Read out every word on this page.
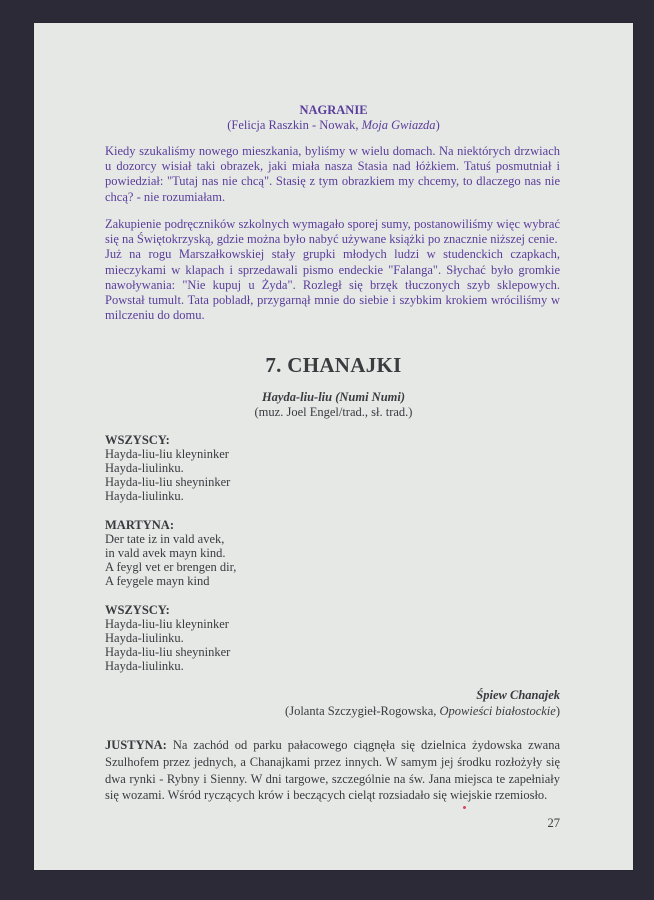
NAGRANIE
(Felicja Raszkin - Nowak, Moja Gwiazda)

Kiedy szukaliśmy nowego mieszkania, byliśmy w wielu domach. Na niektórych drzwiach u dozorcy wisiał taki obrazek, jaki miała nasza Stasia nad łóżkiem. Tatuś posmutniał i powiedział: "Tutaj nas nie chcą". Stasię z tym obrazkiem my chcemy, to dlaczego nas nie chcą? - nie rozumiałam.

Zakupienie podręczników szkolnych wymagało sporej sumy, postanowiliśmy więc wybrać się na Świętokrzyską, gdzie można było nabyć używane książki po znacznie niższej cenie.

Już na rogu Marszałkowskiej stały grupki młodych ludzi w studenckich czapkach, mieczykami w klapach i sprzedawali pismo endeckie "Falanga". Słychać było gromkie nawoływania: "Nie kupuj u Żyda". Rozległ się brzęk tłuczonych szyb sklepowych. Powstał tumult. Tata pobladł, przygarnął mnie do siebie i szybkim krokiem wróciliśmy w milczeniu do domu.

7. CHANAJKI
Hayda-liu-liu (Numi Numi)
(muz. Joel Engel/trad., sł. trad.)
WSZYSCY:
Hayda-liu-liu kleyninker
Hayda-liulinku.
Hayda-liu-liu sheyninker
Hayda-liulinku.
MARTYNA:
Der tate iz in vald avek,
in vald avek mayn kind.
A feygl vet er brengen dir,
A feygele mayn kind
WSZYSCY:
Hayda-liu-liu kleyninker
Hayda-liulinku.
Hayda-liu-liu sheyninker
Hayda-liulinku.
Śpiew Chanajek
(Jolanta Szczygieł-Rogowska, Opowieści białostockie)

JUSTYNA: Na zachód od parku pałacowego ciągnęła się dzielnica żydowska zwana Szulhofem przez jednych, a Chanajkami przez innych. W samym jej środku rozłożyły się dwa rynki - Rybny i Sienny. W dni targowe, szczególnie na św. Jana miejsca te zapełniały się wozami. Wśród ryczących krów i beczących cieląt rozsiadało się wiejskie rzemiosło.

27
